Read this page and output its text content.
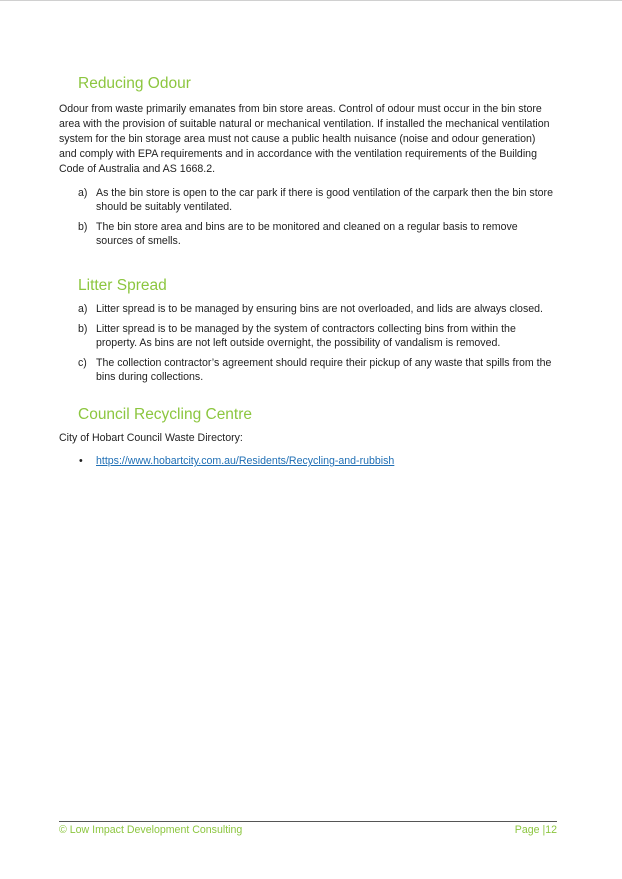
Reducing Odour

Odour from waste primarily emanates from bin store areas. Control of odour must occur in the bin store area with the provision of suitable natural or mechanical ventilation. If installed the mechanical ventilation system for the bin storage area must not cause a public health nuisance (noise and odour generation) and comply with EPA requirements and in accordance with the ventilation requirements of the Building Code of Australia and AS 1668.2.

a) As the bin store is open to the car park if there is good ventilation of the carpark then the bin store should be suitably ventilated.
b) The bin store area and bins are to be monitored and cleaned on a regular basis to remove sources of smells.
Litter Spread
a) Litter spread is to be managed by ensuring bins are not overloaded, and lids are always closed.
b) Litter spread is to be managed by the system of contractors collecting bins from within the property. As bins are not left outside overnight, the possibility of vandalism is removed.
c) The collection contractor’s agreement should require their pickup of any waste that spills from the bins during collections.
Council Recycling Centre

City of Hobart Council Waste Directory:

• https://www.hobartcity.com.au/Residents/Recycling-and-rubbish
© Low Impact Development Consulting	Page |12
